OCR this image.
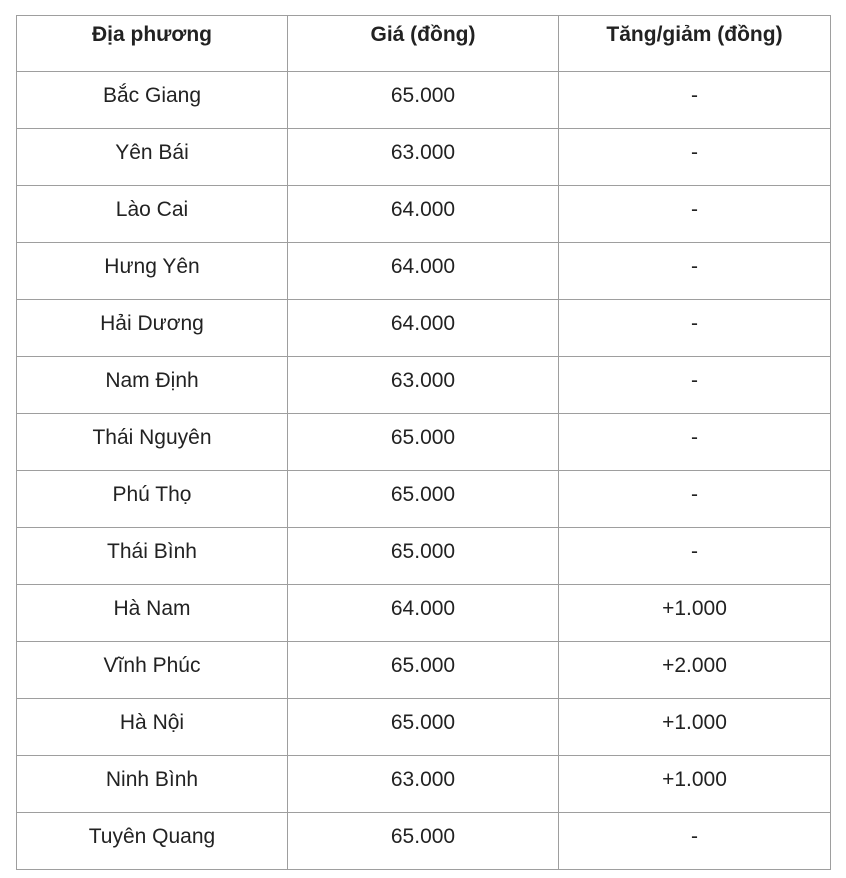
Địa phương	Giá (đồng)	Tăng/giảm (đồng)
Bắc Giang	65.000	-
Yên Bái	63.000	-
Lào Cai	64.000	-
Hưng Yên	64.000	-
Hải Dương	64.000	-
Nam Định	63.000	-
Thái Nguyên	65.000	-
Phú Thọ	65.000	-
Thái Bình	65.000	-
Hà Nam	64.000	+1.000
Vĩnh Phúc	65.000	+2.000
Hà Nội	65.000	+1.000
Ninh Bình	63.000	+1.000
Tuyên Quang	65.000	-
